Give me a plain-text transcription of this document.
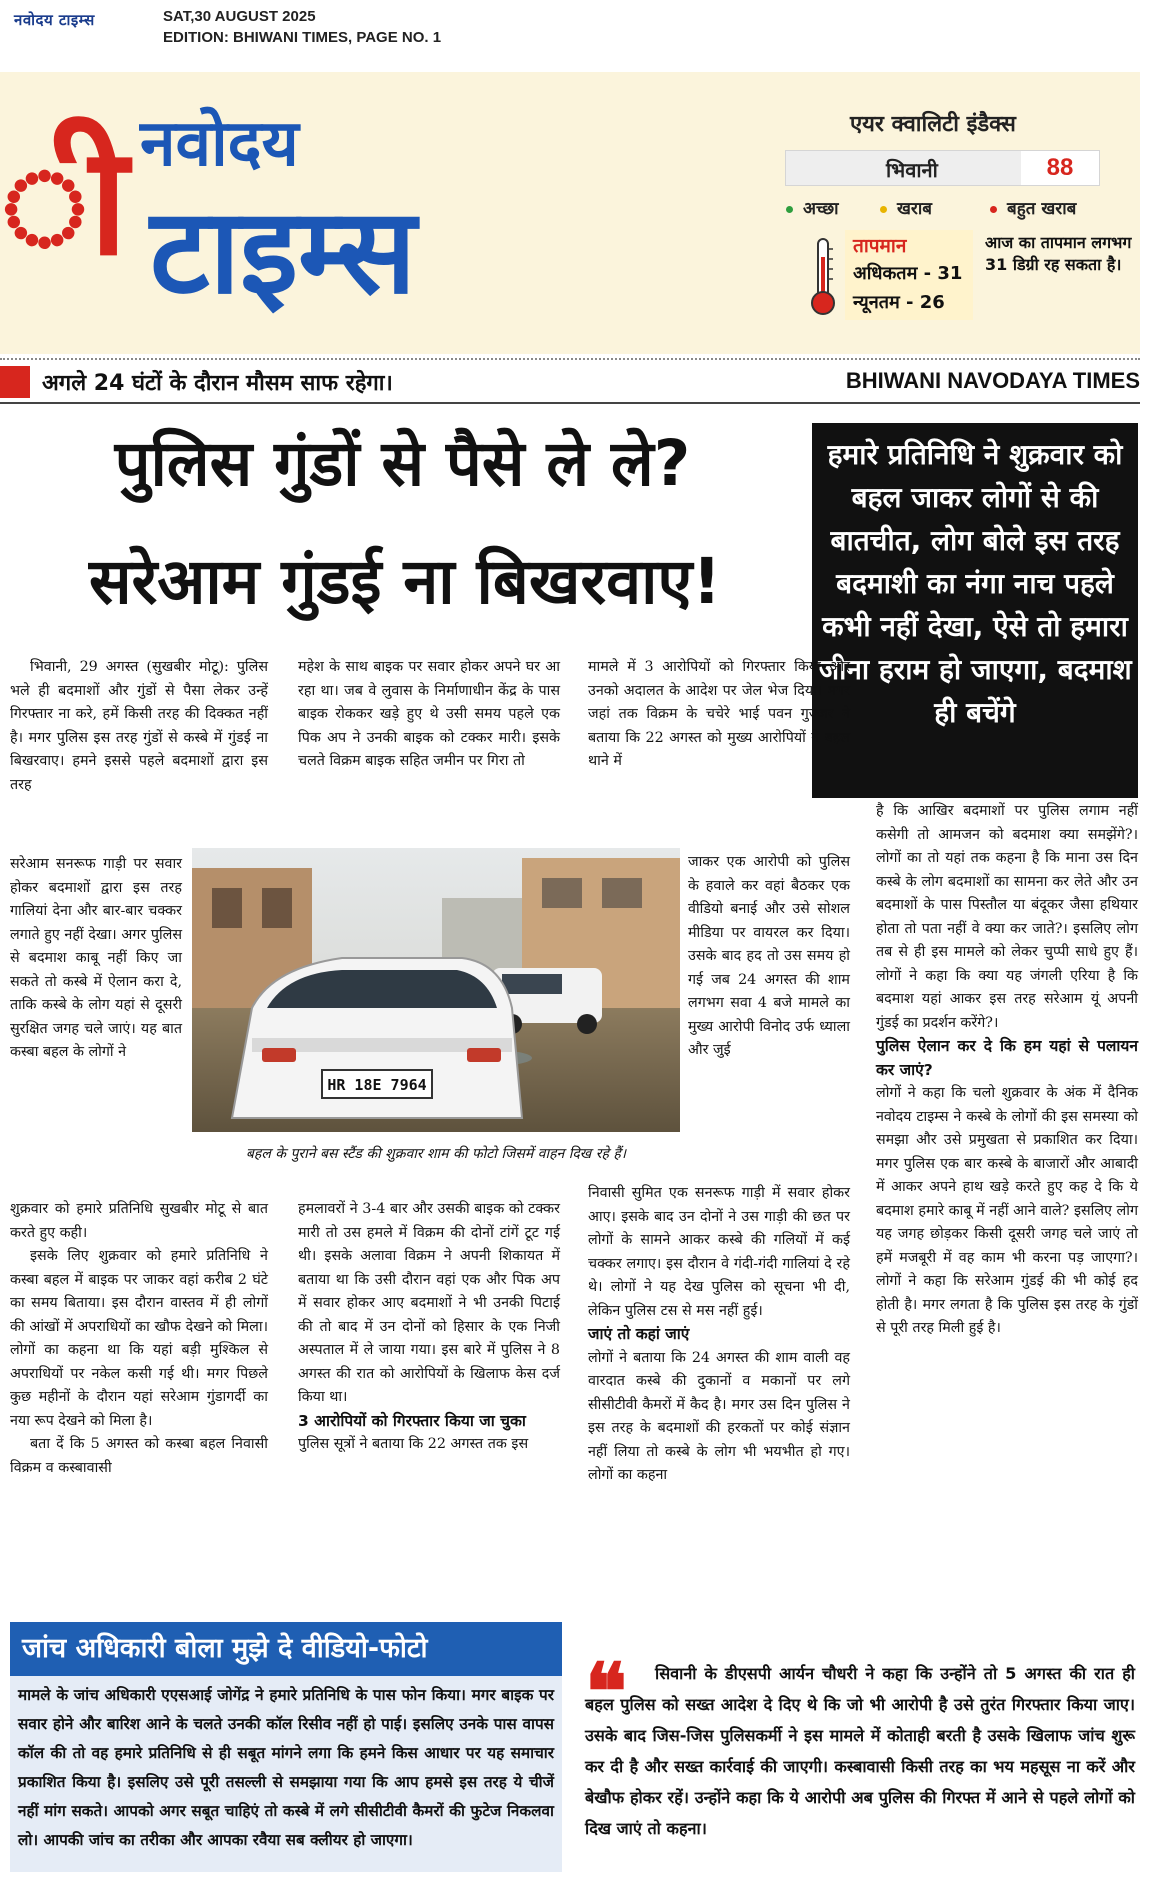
नवोदय टाइम्स	SAT,30 AUGUST 2025
EDITION: BHIWANI TIMES, PAGE NO. 1
ी नवोदय
टाइम्स
एयर क्वालिटी इंडैक्स
भिवानी	88
अच्छा	खराब	बहुत खराब
तापमान
अधिकतम - 31
न्यूनतम - 26
आज का तापमान लगभग 31 डिग्री रह सकता है।
अगले 24 घंटों के दौरान मौसम साफ रहेगा।	BHIWANI NAVODAYA TIMES
पुलिस गुंडों से पैसे ले ले?
सरेआम गुंडई ना बिखरवाए!
हमारे प्रतिनिधि ने शुक्रवार को बहल जाकर लोगों से की बातचीत, लोग बोले इस तरह बदमाशी का नंगा नाच पहले कभी नहीं देखा, ऐसे तो हमारा जीना हराम हो जाएगा, बदमाश ही बचेंगे

भिवानी, 29 अगस्त (सुखबीर मोटू): पुलिस भले ही बदमाशों और गुंडों से पैसा लेकर उन्हें गिरफ्तार ना करे, हमें किसी तरह की दिक्कत नहीं है। मगर पुलिस इस तरह गुंडों से कस्बे में गुंडई ना बिखरवाए। हमने इससे पहले बदमाशों द्वारा इस तरह

सरेआम सनरूफ गाड़ी पर सवार होकर बदमाशों द्वारा इस तरह गालियां देना और बार-बार चक्कर लगाते हुए नहीं देखा। अगर पुलिस से बदमाश काबू नहीं किए जा सकते तो कस्बे में ऐलान करा दे, ताकि कस्बे के लोग यहां से दूसरी सुरक्षित जगह चले जाएं। यह बात कस्बा बहल के लोगों ने

शुक्रवार को हमारे प्रतिनिधि सुखबीर मोटू से बात करते हुए कही।

इसके लिए शुक्रवार को हमारे प्रतिनिधि ने कस्बा बहल में बाइक पर जाकर वहां करीब 2 घंटे का समय बिताया। इस दौरान वास्तव में ही लोगों की आंखों में अपराधियों का खौफ देखने को मिला। लोगों का कहना था कि यहां बड़ी मुश्किल से अपराधियों पर नकेल कसी गई थी। मगर पिछले कुछ महीनों के दौरान यहां सरेआम गुंडागर्दी का नया रूप देखने को मिला है।

बता दें कि 5 अगस्त को कस्बा बहल निवासी विक्रम व कस्बावासी

महेश के साथ बाइक पर सवार होकर अपने घर आ रहा था। जब वे लुवास के निर्माणाधीन केंद्र के पास बाइक रोककर खड़े हुए थे उसी समय पहले एक पिक अप ने उनकी बाइक को टक्कर मारी। इसके चलते विक्रम बाइक सहित जमीन पर गिरा तो

हमलावरों ने 3-4 बार और उसकी बाइक को टक्कर मारी तो उस हमले में विक्रम की दोनों टांगें टूट गई थी। इसके अलावा विक्रम ने अपनी शिकायत में बताया था कि उसी दौरान वहां एक और पिक अप में सवार होकर आए बदमाशों ने भी उनकी पिटाई की तो बाद में उन दोनों को हिसार के एक निजी अस्पताल में ले जाया गया। इस बारे में पुलिस ने 8 अगस्त की रात को आरोपियों के खिलाफ केस दर्ज किया था।

3 आरोपियों को गिरफ्तार किया जा चुका

पुलिस सूत्रों ने बताया कि 22 अगस्त तक इस

HR 18E 7964
बहल के पुराने बस स्टैंड की शुक्रवार शाम की फोटो जिसमें वाहन दिख रहे हैं।

मामले में 3 आरोपियों को गिरफ्तार किया और उनको अदालत के आदेश पर जेल भेज दिया। मगर जहां तक विक्रम के चचेरे भाई पवन गुज्जर ने बताया कि 22 अगस्त को मुख्य आरोपियों ने बहल थाने में

जाकर एक आरोपी को पुलिस के हवाले कर वहां बैठकर एक वीडियो बनाई और उसे सोशल मीडिया पर वायरल कर दिया। उसके बाद हद तो उस समय हो गई जब 24 अगस्त की शाम लगभग सवा 4 बजे मामले का मुख्य आरोपी विनोद उर्फ ध्याला और जुई

निवासी सुमित एक सनरूफ गाड़ी में सवार होकर आए। इसके बाद उन दोनों ने उस गाड़ी की छत पर लोगों के सामने आकर कस्बे की गलियों में कई चक्कर लगाए। इस दौरान वे गंदी-गंदी गालियां दे रहे थे। लोगों ने यह देख पुलिस को सूचना भी दी, लेकिन पुलिस टस से मस नहीं हुई।

जाएं तो कहां जाएं

लोगों ने बताया कि 24 अगस्त की शाम वाली वह वारदात कस्बे की दुकानों व मकानों पर लगे सीसीटीवी कैमरों में कैद है। मगर उस दिन पुलिस ने इस तरह के बदमाशों की हरकतों पर कोई संज्ञान नहीं लिया तो कस्बे के लोग भी भयभीत हो गए। लोगों का कहना

है कि आखिर बदमाशों पर पुलिस लगाम नहीं कसेगी तो आमजन को बदमाश क्या समझेंगे?। लोगों का तो यहां तक कहना है कि माना उस दिन कस्बे के लोग बदमाशों का सामना कर लेते और उन बदमाशों के पास पिस्तौल या बंदूकर जैसा हथियार होता तो पता नहीं वे क्या कर जाते?। इसलिए लोग तब से ही इस मामले को लेकर चुप्पी साधे हुए हैं। लोगों ने कहा कि क्या यह जंगली एरिया है कि बदमाश यहां आकर इस तरह सरेआम यूं अपनी गुंडई का प्रदर्शन करेंगे?।

पुलिस ऐलान कर दे कि हम यहां से पलायन कर जाएं?

लोगों ने कहा कि चलो शुक्रवार के अंक में दैनिक नवोदय टाइम्स ने कस्बे के लोगों की इस समस्या को समझा और उसे प्रमुखता से प्रकाशित कर दिया। मगर पुलिस एक बार कस्बे के बाजारों और आबादी में आकर अपने हाथ खड़े करते हुए कह दे कि ये बदमाश हमारे काबू में नहीं आने वाले? इसलिए लोग यह जगह छोड़कर किसी दूसरी जगह चले जाएं तो हमें मजबूरी में वह काम भी करना पड़ जाएगा?। लोगों ने कहा कि सरेआम गुंडई की भी कोई हद होती है। मगर लगता है कि पुलिस इस तरह के गुंडों से पूरी तरह मिली हुई है।

जांच अधिकारी बोला मुझे दे वीडियो-फोटो
मामले के जांच अधिकारी एएसआई जोगेंद्र ने हमारे प्रतिनिधि के पास फोन किया। मगर बाइक पर सवार होने और बारिश आने के चलते उनकी कॉल रिसीव नहीं हो पाई। इसलिए उनके पास वापस कॉल की तो वह हमारे प्रतिनिधि से ही सबूत मांगने लगा कि हमने किस आधार पर यह समाचार प्रकाशित किया है। इसलिए उसे पूरी तसल्ली से समझाया गया कि आप हमसे इस तरह ये चीजें नहीं मांग सकते। आपको अगर सबूत चाहिएं तो कस्बे में लगे सीसीटीवी कैमरों की फुटेज निकलवा लो। आपकी जांच का तरीका और आपका रवैया सब क्लीयर हो जाएगा।
सिवानी के डीएसपी आर्यन चौधरी ने कहा कि उन्होंने तो 5 अगस्त की रात ही बहल पुलिस को सख्त आदेश दे दिए थे कि जो भी आरोपी है उसे तुरंत गिरफ्तार किया जाए। उसके बाद जिस-जिस पुलिसकर्मी ने इस मामले में कोताही बरती है उसके खिलाफ जांच शुरू कर दी है और सख्त कार्रवाई की जाएगी। कस्बावासी किसी तरह का भय महसूस ना करें और बेखौफ होकर रहें। उन्होंने कहा कि ये आरोपी अब पुलिस की गिरफ्त में आने से पहले लोगों को दिख जाएं तो कहना।
❝
